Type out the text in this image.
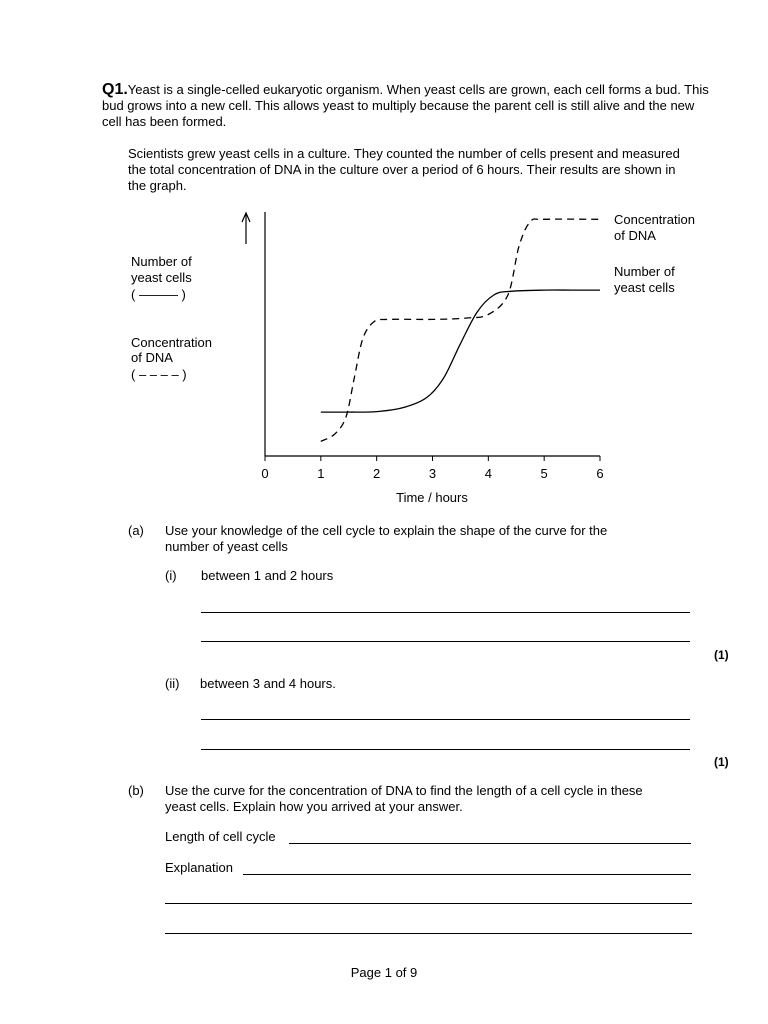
Q1.Yeast is a single-celled eukaryotic organism. When yeast cells are grown, each cell forms a bud. This bud grows into a new cell. This allows yeast to multiply because the parent cell is still alive and the new cell has been formed.
Scientists grew yeast cells in a culture. They counted the number of cells present and measured the total concentration of DNA in the culture over a period of 6 hours. Their results are shown in the graph.
0	1	2	3	4	5	6
Time / hours
Number of
yeast cells
( ——— )
Concentration
of DNA
( – – – – )
Concentration
of DNA
Number of
yeast cells
(a) Use your knowledge of the cell cycle to explain the shape of the curve for the
number of yeast cells
(i) between 1 and 2 hours
(1)
(ii) between 3 and 4 hours.
(1)
(b) Use the curve for the concentration of DNA to find the length of a cell cycle in these
yeast cells. Explain how you arrived at your answer.
Length of cell cycle
Explanation
Page 1 of 9
